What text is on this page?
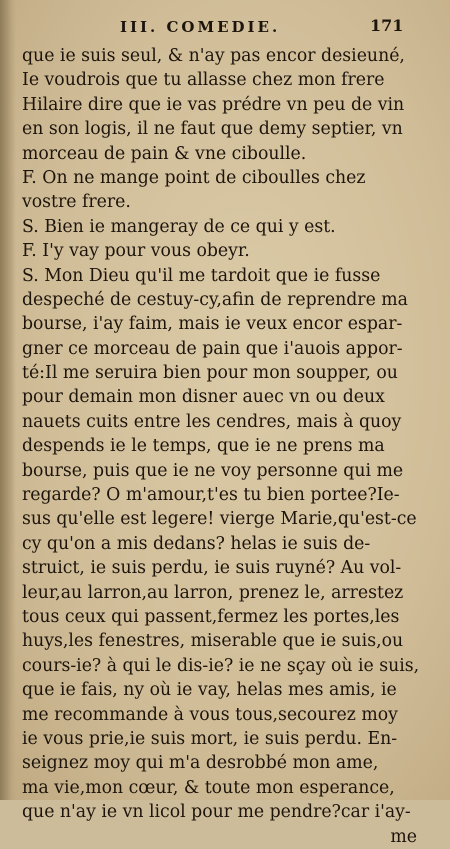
III. COMEDIE.	171
que ie suis seul, & n'ay pas encor desieuné,
Ie voudrois que tu allasse chez mon frere
Hilaire dire que ie vas prédre vn peu de vin
en son logis, il ne faut que demy septier, vn
morceau de pain & vne ciboulle.
F. On ne mange point de ciboulles chez
vostre frere.
S. Bien ie mangeray de ce qui y est.
F. I'y vay pour vous obeyr.
S. Mon Dieu qu'il me tardoit que ie fusse
despeché de cestuy-cy,afin de reprendre ma
bourse, i'ay faim, mais ie veux encor espar-
gner ce morceau de pain que i'auois appor-
té:Il me seruira bien pour mon soupper, ou
pour demain mon disner auec vn ou deux
nauets cuits entre les cendres, mais à quoy
despends ie le temps, que ie ne prens ma
bourse, puis que ie ne voy personne qui me
regarde? O m'amour,t'es tu bien portee?Ie-
sus qu'elle est legere! vierge Marie,qu'est-ce
cy qu'on a mis dedans? helas ie suis de-
struict, ie suis perdu, ie suis ruyné? Au vol-
leur,au larron,au larron, prenez le, arrestez
tous ceux qui passent,fermez les portes,les
huys,les fenestres, miserable que ie suis,ou
cours-ie? à qui le dis-ie? ie ne sçay où ie suis,
que ie fais, ny où ie vay, helas mes amis, ie
me recommande à vous tous,secourez moy
ie vous prie,ie suis mort, ie suis perdu. En-
seignez moy qui m'a desrobbé mon ame,
ma vie,mon cœur, & toute mon esperance,
que n'ay ie vn licol pour me pendre?car i'ay-
me
